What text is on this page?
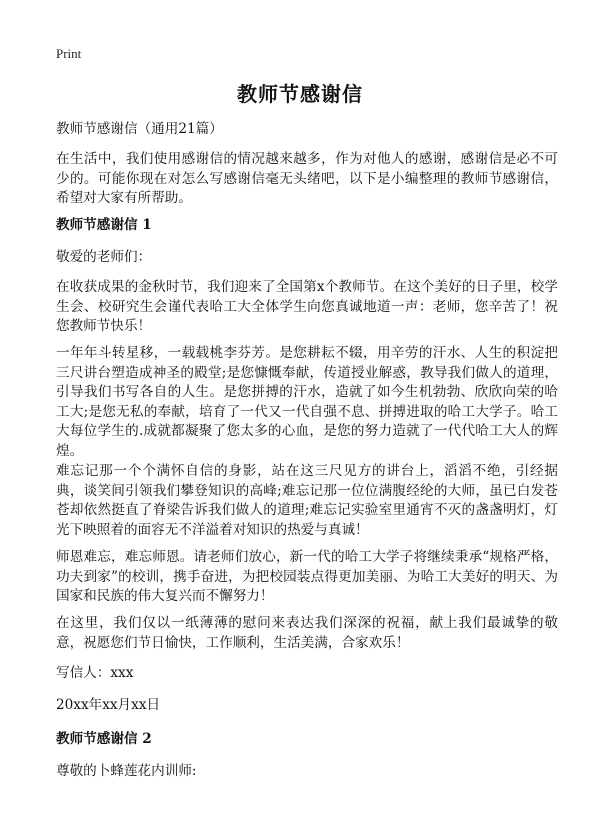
Print
教师节感谢信
教师节感谢信（通用21篇）
在生活中，我们使用感谢信的情况越来越多，作为对他人的感谢，感谢信是必不可少的。可能你现在对怎么写感谢信毫无头绪吧，以下是小编整理的教师节感谢信，希望对大家有所帮助。
教师节感谢信 1
敬爱的老师们：
在收获成果的金秋时节，我们迎来了全国第x个教师节。在这个美好的日子里，校学生会、校研究生会谨代表哈工大全体学生向您真诚地道一声：老师，您辛苦了！祝您教师节快乐！
一年年斗转星移，一载载桃李芬芳。是您耕耘不辍，用辛劳的汗水、人生的积淀把三尺讲台塑造成神圣的殿堂;是您慷慨奉献，传道授业解惑，教导我们做人的道理，引导我们书写各自的人生。是您拼搏的汗水，造就了如今生机勃勃、欣欣向荣的哈工大;是您无私的奉献，培育了一代又一代自强不息、拼搏进取的哈工大学子。哈工大每位学生的.成就都凝聚了您太多的心血，是您的努力造就了一代代哈工大人的辉煌。
难忘记那一个个满怀自信的身影，站在这三尺见方的讲台上，滔滔不绝，引经据典，谈笑间引领我们攀登知识的高峰;难忘记那一位位满腹经纶的大师，虽已白发苍苍却依然挺直了脊梁告诉我们做人的道理;难忘记实验室里通宵不灭的盏盏明灯，灯光下映照着的面容无不洋溢着对知识的热爱与真诚！
师恩难忘，难忘师恩。请老师们放心，新一代的哈工大学子将继续秉承“规格严格，功夫到家”的校训，携手奋进，为把校园装点得更加美丽、为哈工大美好的明天、为国家和民族的伟大复兴而不懈努力！
在这里，我们仅以一纸薄薄的慰问来表达我们深深的祝福，献上我们最诚挚的敬意，祝愿您们节日愉快，工作顺利，生活美满，合家欢乐！
写信人：xxx
20xx年xx月xx日
教师节感谢信 2
尊敬的卜蜂莲花内训师:
